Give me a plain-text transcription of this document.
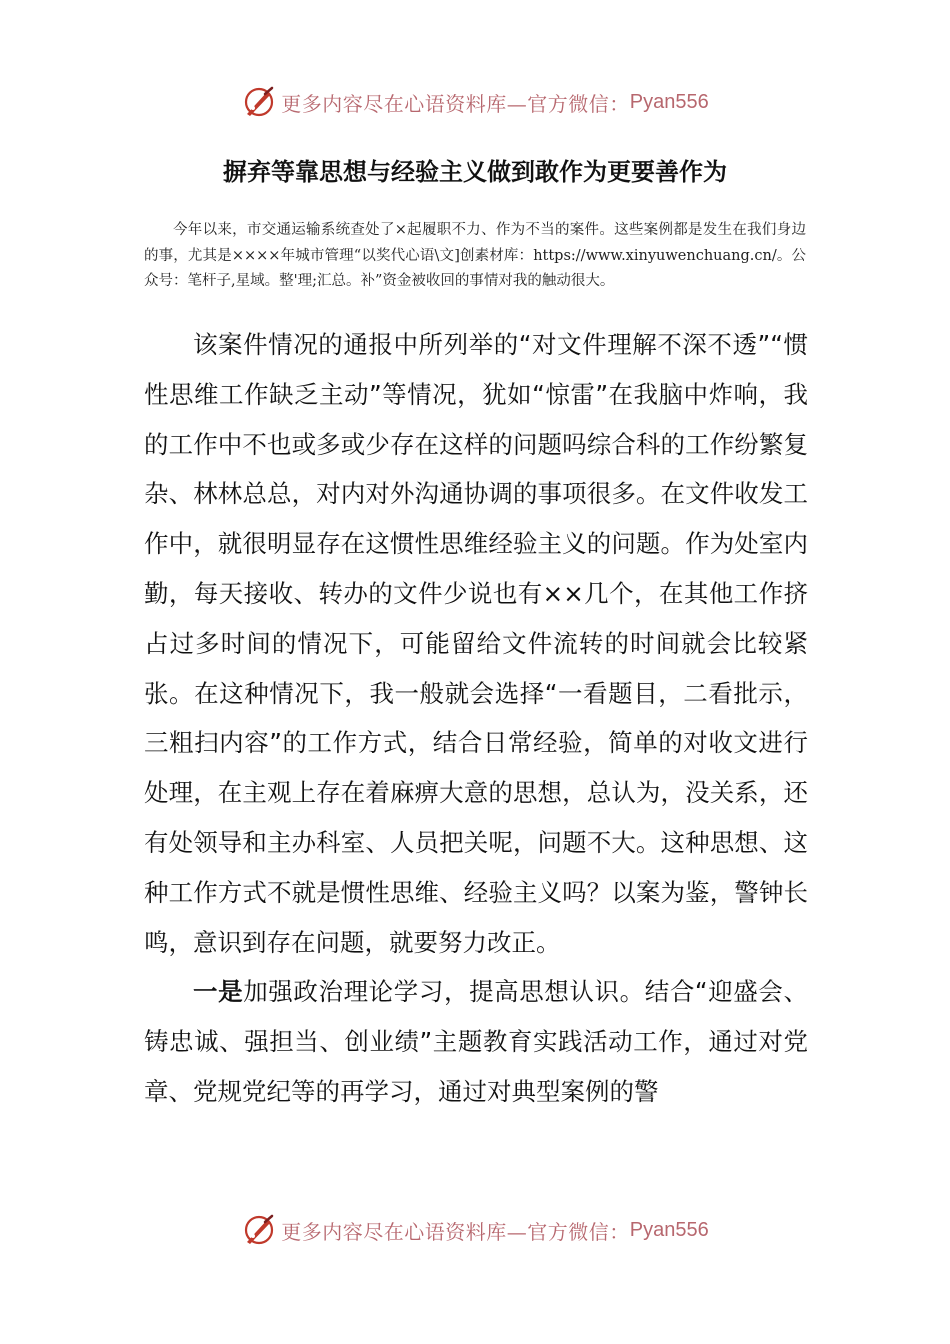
更多内容尽在心语资料库—官方微信： Pyan556
摒弃等靠思想与经验主义做到敢作为更要善作为
今年以来，市交通运输系统查处了×起履职不力、作为不当的案件。这些案例都是发生在我们身边的事，尤其是××××年城市管理“以奖代心语\文]创素材库：https://www.xinyuwenchuang.cn/。公众号：笔杆子,星域。整'理;汇总。补”资金被收回的事情对我的触动很大。

该案件情况的通报中所列举的“对文件理解不深不透”“惯性思维工作缺乏主动”等情况，犹如“惊雷”在我脑中炸响，我的工作中不也或多或少存在这样的问题吗综合科的工作纷繁复杂、林林总总，对内对外沟通协调的事项很多。在文件收发工作中，就很明显存在这惯性思维经验主义的问题。作为处室内勤，每天接收、转办的文件少说也有××几个，在其他工作挤占过多时间的情况下，可能留给文件流转的时间就会比较紧张。在这种情况下，我一般就会选择“一看题目，二看批示，三粗扫内容”的工作方式，结合日常经验，简单的对收文进行处理，在主观上存在着麻痹大意的思想，总认为，没关系，还有处领导和主办科室、人员把关呢，问题不大。这种思想、这种工作方式不就是惯性思维、经验主义吗？以案为鉴，警钟长鸣，意识到存在问题，就要努力改正。

一是加强政治理论学习，提高思想认识。结合“迎盛会、铸忠诚、强担当、创业绩”主题教育实践活动工作，通过对党章、党规党纪等的再学习，通过对典型案例的警

更多内容尽在心语资料库—官方微信： Pyan556
